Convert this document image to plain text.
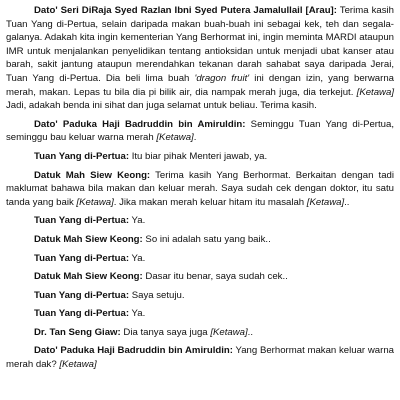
Dato' Seri DiRaja Syed Razlan Ibni Syed Putera Jamalullail [Arau]: Terima kasih Tuan Yang di-Pertua, selain daripada makan buah-buah ini sebagai kek, teh dan segala-galanya. Adakah kita ingin kementerian Yang Berhormat ini, ingin meminta MARDI ataupun IMR untuk menjalankan penyelidikan tentang antioksidan untuk menjadi ubat kanser atau barah, sakit jantung ataupun merendahkan tekanan darah sahabat saya daripada Jerai, Tuan Yang di-Pertua. Dia beli lima buah 'dragon fruit' ini dengan izin, yang berwarna merah, makan. Lepas tu bila dia pi bilik air, dia nampak merah juga, dia terkejut. [Ketawa] Jadi, adakah benda ini sihat dan juga selamat untuk beliau. Terima kasih.

Dato' Paduka Haji Badruddin bin Amiruldin: Seminggu Tuan Yang di-Pertua, seminggu bau keluar warna merah [Ketawa].

Tuan Yang di-Pertua: Itu biar pihak Menteri jawab, ya.

Datuk Mah Siew Keong: Terima kasih Yang Berhormat. Berkaitan dengan tadi maklumat bahawa bila makan dan keluar merah. Saya sudah cek dengan doktor, itu satu tanda yang baik [Ketawa]. Jika makan merah keluar hitam itu masalah [Ketawa]..

Tuan Yang di-Pertua: Ya.

Datuk Mah Siew Keong: So ini adalah satu yang baik..

Tuan Yang di-Pertua: Ya.

Datuk Mah Siew Keong: Dasar itu benar, saya sudah cek..

Tuan Yang di-Pertua: Saya setuju.

Tuan Yang di-Pertua: Ya.

Dr. Tan Seng Giaw: Dia tanya saya juga [Ketawa]..

Dato' Paduka Haji Badruddin bin Amiruldin: Yang Berhormat makan keluar warna merah dak? [Ketawa]
